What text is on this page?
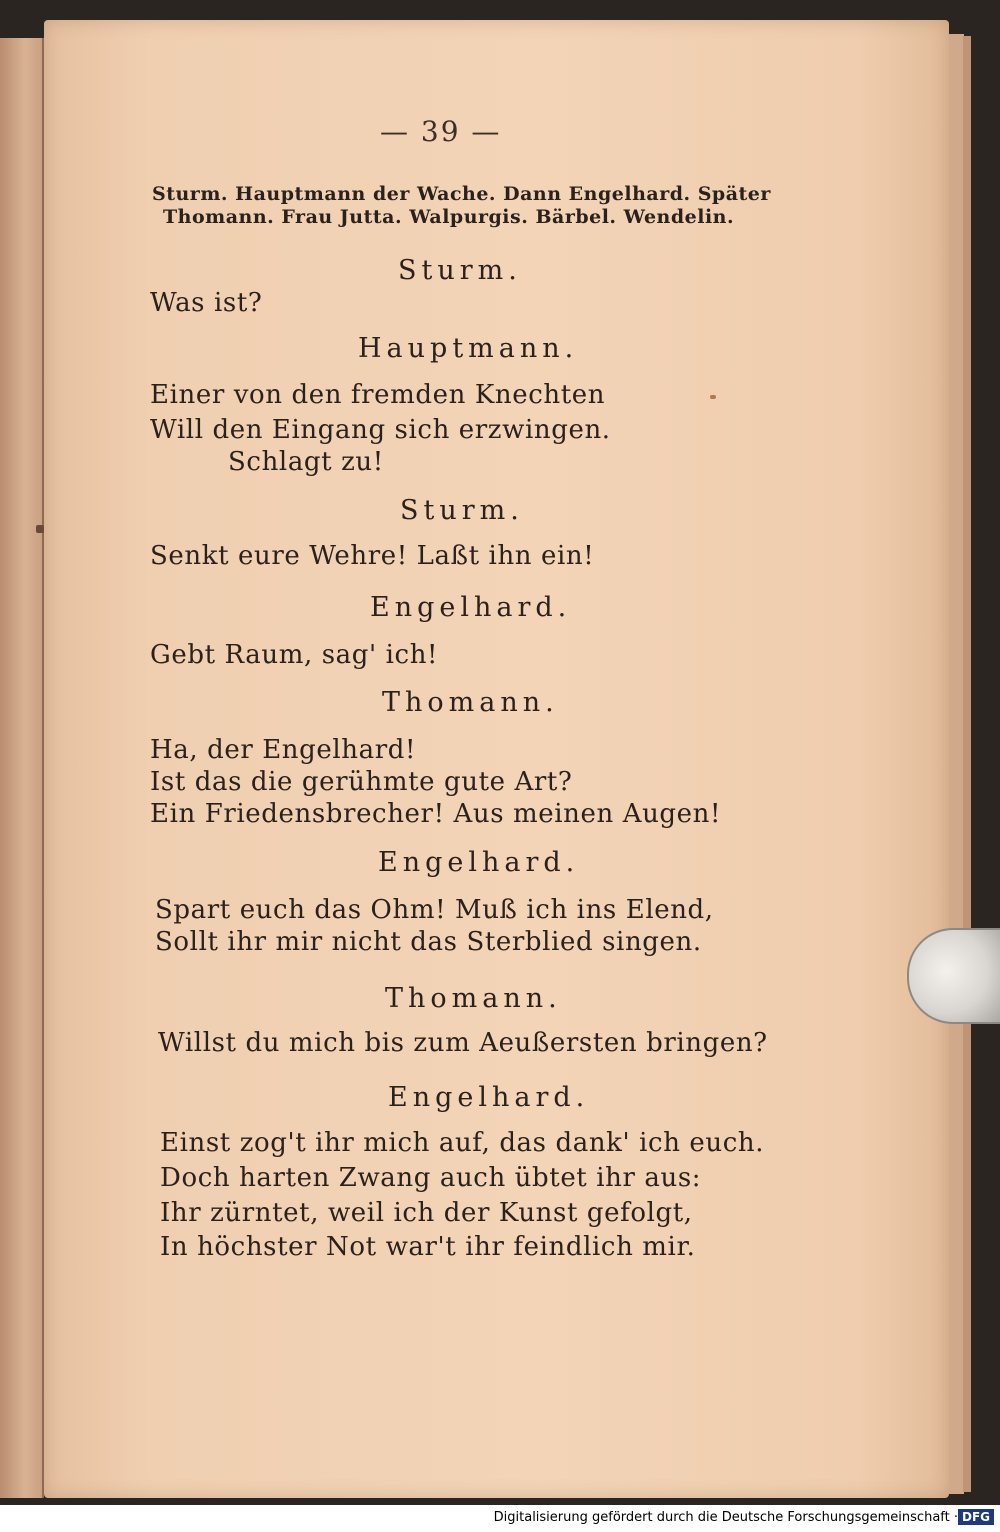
— 39 —
Sturm. Hauptmann der Wache. Dann Engelhard. Später
Thomann. Frau Jutta. Walpurgis. Bärbel. Wendelin.
Sturm.
Was ist?
Hauptmann.
Einer von den fremden Knechten
Will den Eingang sich erzwingen.
Schlagt zu!
Sturm.
Senkt eure Wehre! Laßt ihn ein!
Engelhard.
Gebt Raum, sag' ich!
Thomann.
Ha, der Engelhard!
Ist das die gerühmte gute Art?
Ein Friedensbrecher! Aus meinen Augen!
Engelhard.
Spart euch das Ohm! Muß ich ins Elend,
Sollt ihr mir nicht das Sterblied singen.
Thomann.
Willst du mich bis zum Aeußersten bringen?
Engelhard.
Einst zog't ihr mich auf, das dank' ich euch.
Doch harten Zwang auch übtet ihr aus:
Ihr zürntet, weil ich der Kunst gefolgt,
In höchster Not war't ihr feindlich mir.
Digitalisierung gefördert durch die Deutsche Forschungsgemeinschaft · DFG
